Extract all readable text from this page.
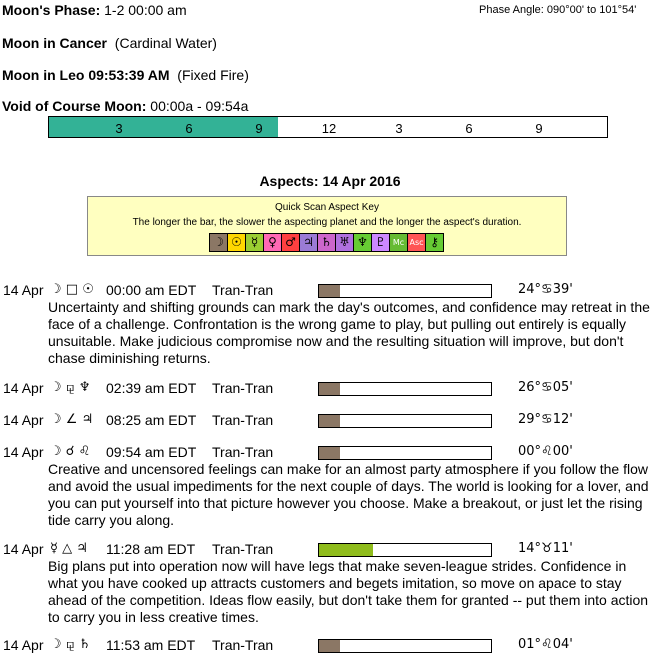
Moon's Phase: 1-2 00:00 am	Phase Angle: 090°00' to 101°54'
Moon in Cancer (Cardinal Water)
Moon in Leo 09:53:39 AM (Fixed Fire)
Void of Course Moon: 00:00a - 09:54a
3	6	9	12	3	6	9
Aspects: 14 Apr 2016
Quick Scan Aspect Key
The longer the bar, the slower the aspecting planet and the longer the aspect's duration.
☽ ☉ ☿ ♀ ♂ ♃ ♄ ♅ ♆ ♇ Mc Asc ⚷
14 Apr ☽ □ ☉ 00:00 am EDT Tran-Tran	24°♋39'
Uncertainty and shifting grounds can mark the day's outcomes, and confidence may retreat in the face of a challenge. Confrontation is the wrong game to play, but pulling out entirely is equally unsuitable. Make judicious compromise now and the resulting situation will improve, but don't chase diminishing returns.
14 Apr ☽ ⚼ ♆ 02:39 am EDT Tran-Tran	26°♋05'
14 Apr ☽ ∠ ♃ 08:25 am EDT Tran-Tran	29°♋12'
14 Apr ☽ ☌ ♌ 09:54 am EDT Tran-Tran	00°♌00'
Creative and uncensored feelings can make for an almost party atmosphere if you follow the flow and avoid the usual impediments for the next couple of days. The world is looking for a lover, and you can put yourself into that picture however you choose. Make a breakout, or just let the rising tide carry you along.
14 Apr ☿ △ ♃ 11:28 am EDT Tran-Tran	14°♉11'
Big plans put into operation now will have legs that make seven-league strides. Confidence in what you have cooked up attracts customers and begets imitation, so move on apace to stay ahead of the competition. Ideas flow easily, but don't take them for granted -- put them into action to carry you in less creative times.
14 Apr ☽ ⚼ ♄ 11:53 am EDT Tran-Tran	01°♌04'
